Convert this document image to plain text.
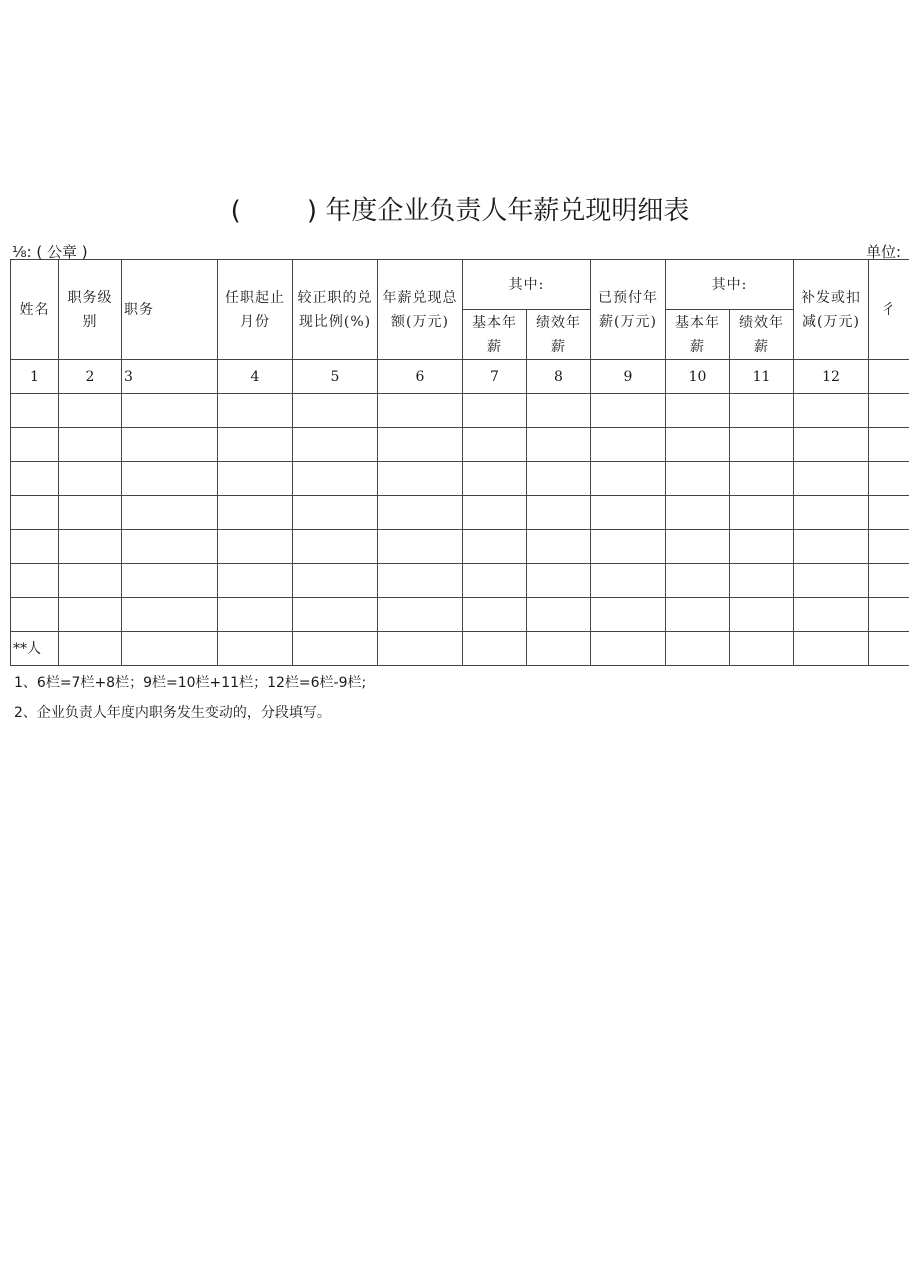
(        ) 年度企业负责人年薪兑现明细表
⅛: ( 公章 )	单位:
姓名	职务级别	职务	任职起止月份	较正职的兑现比例(%)	年薪兑现总额(万元)	其中:		已预付年薪(万元)	其中:		补发或扣减(万元)	彳
						基本年薪	绩效年薪		基本年薪	绩效年薪		
1	2	3	4	5	6	7	8	9	10	11	12	

**人												
1、6栏=7栏+8栏；9栏=10栏+11栏；12栏=6栏-9栏;
2、企业负责人年度内职务发生变动的，分段填写。
